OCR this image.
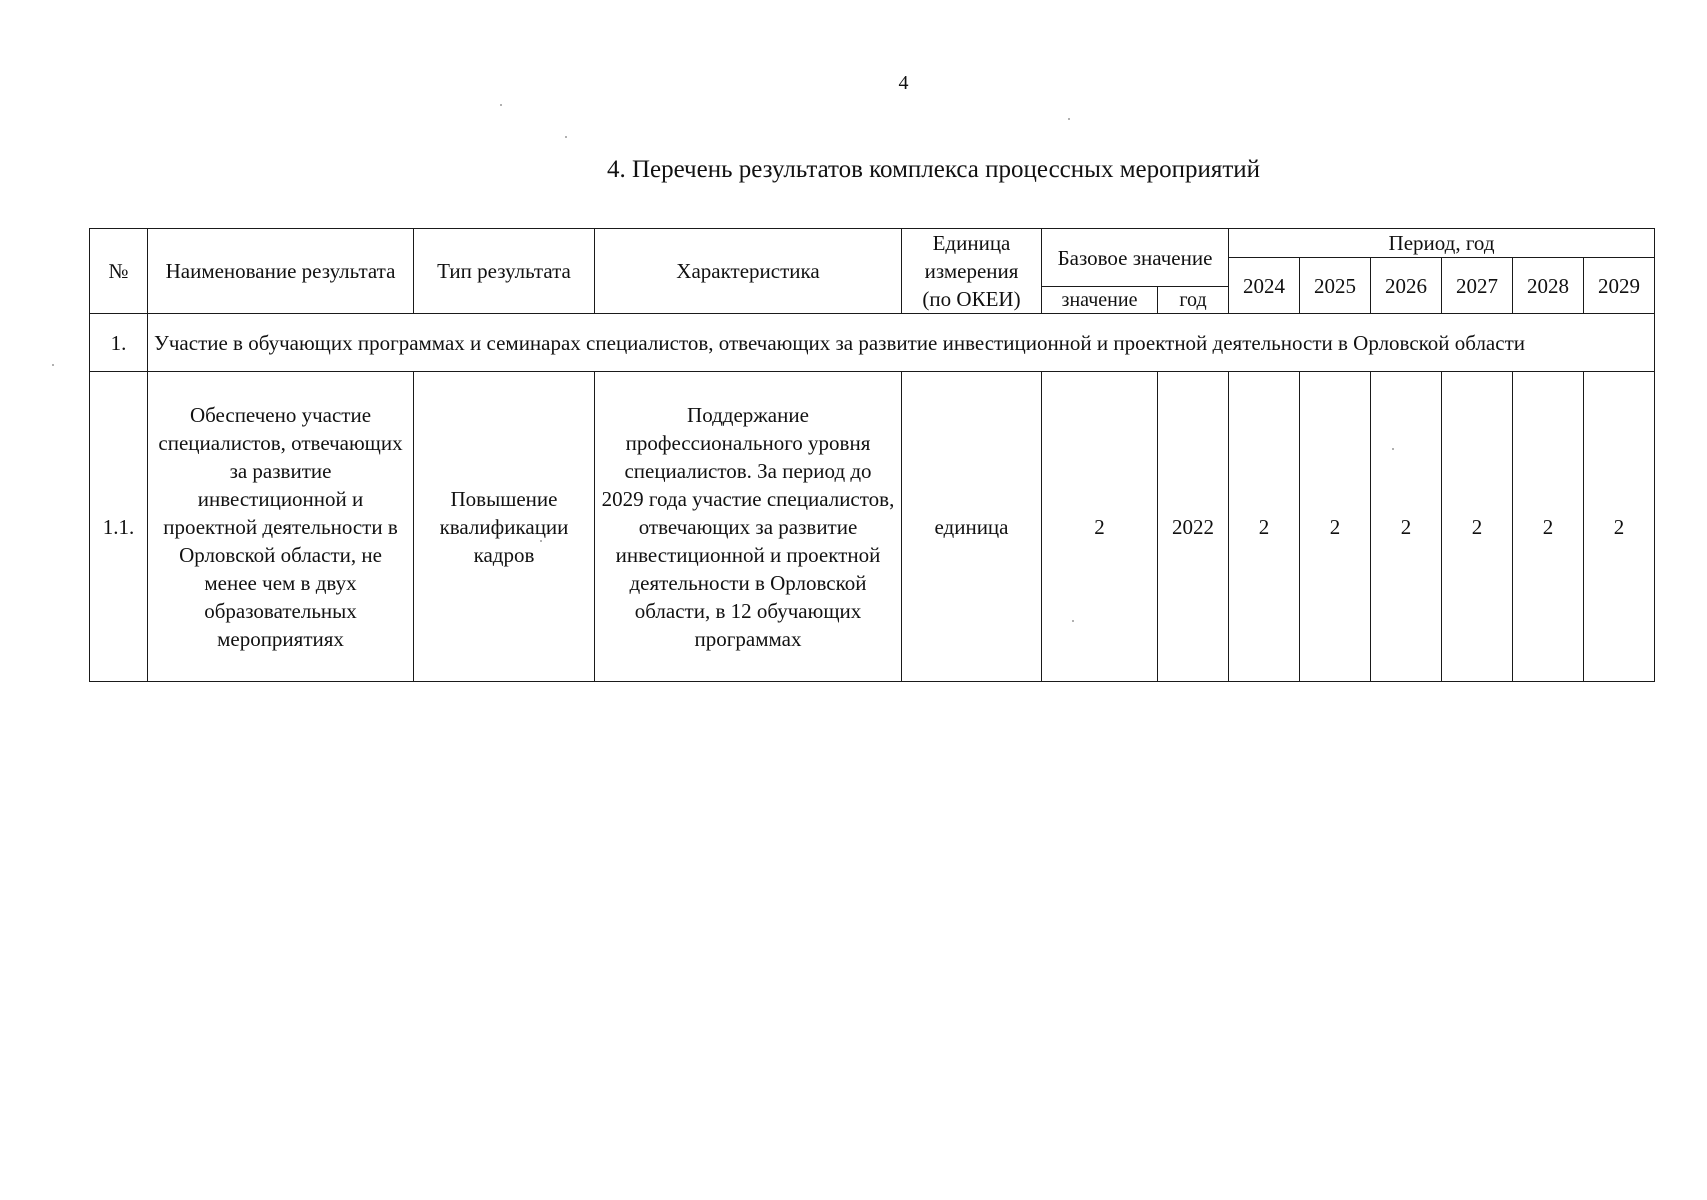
4
4. Перечень результатов комплекса процессных мероприятий
№	Наименование результата	Тип результата	Характеристика	Единица измерения (по ОКЕИ)	Базовое значение		Период, год					
							2024	2025	2026	2027	2028	2029
					значение	год						
1.	Участие в обучающих программах и семинарах специалистов, отвечающих за развитие инвестиционной и проектной деятельности в Орловской области											
1.1.	Обеспечено участие специалистов, отвечающих за развитие инвестиционной и проектной деятельности в Орловской области, не менее чем в двух образовательных мероприятиях	Повышение квалификации кадров	Поддержание профессионального уровня специалистов. За период до 2029 года участие специалистов, отвечающих за развитие инвестиционной и проектной деятельности в Орловской области, в 12 обучающих программах	единица	2	2022	2	2	2	2	2	2
